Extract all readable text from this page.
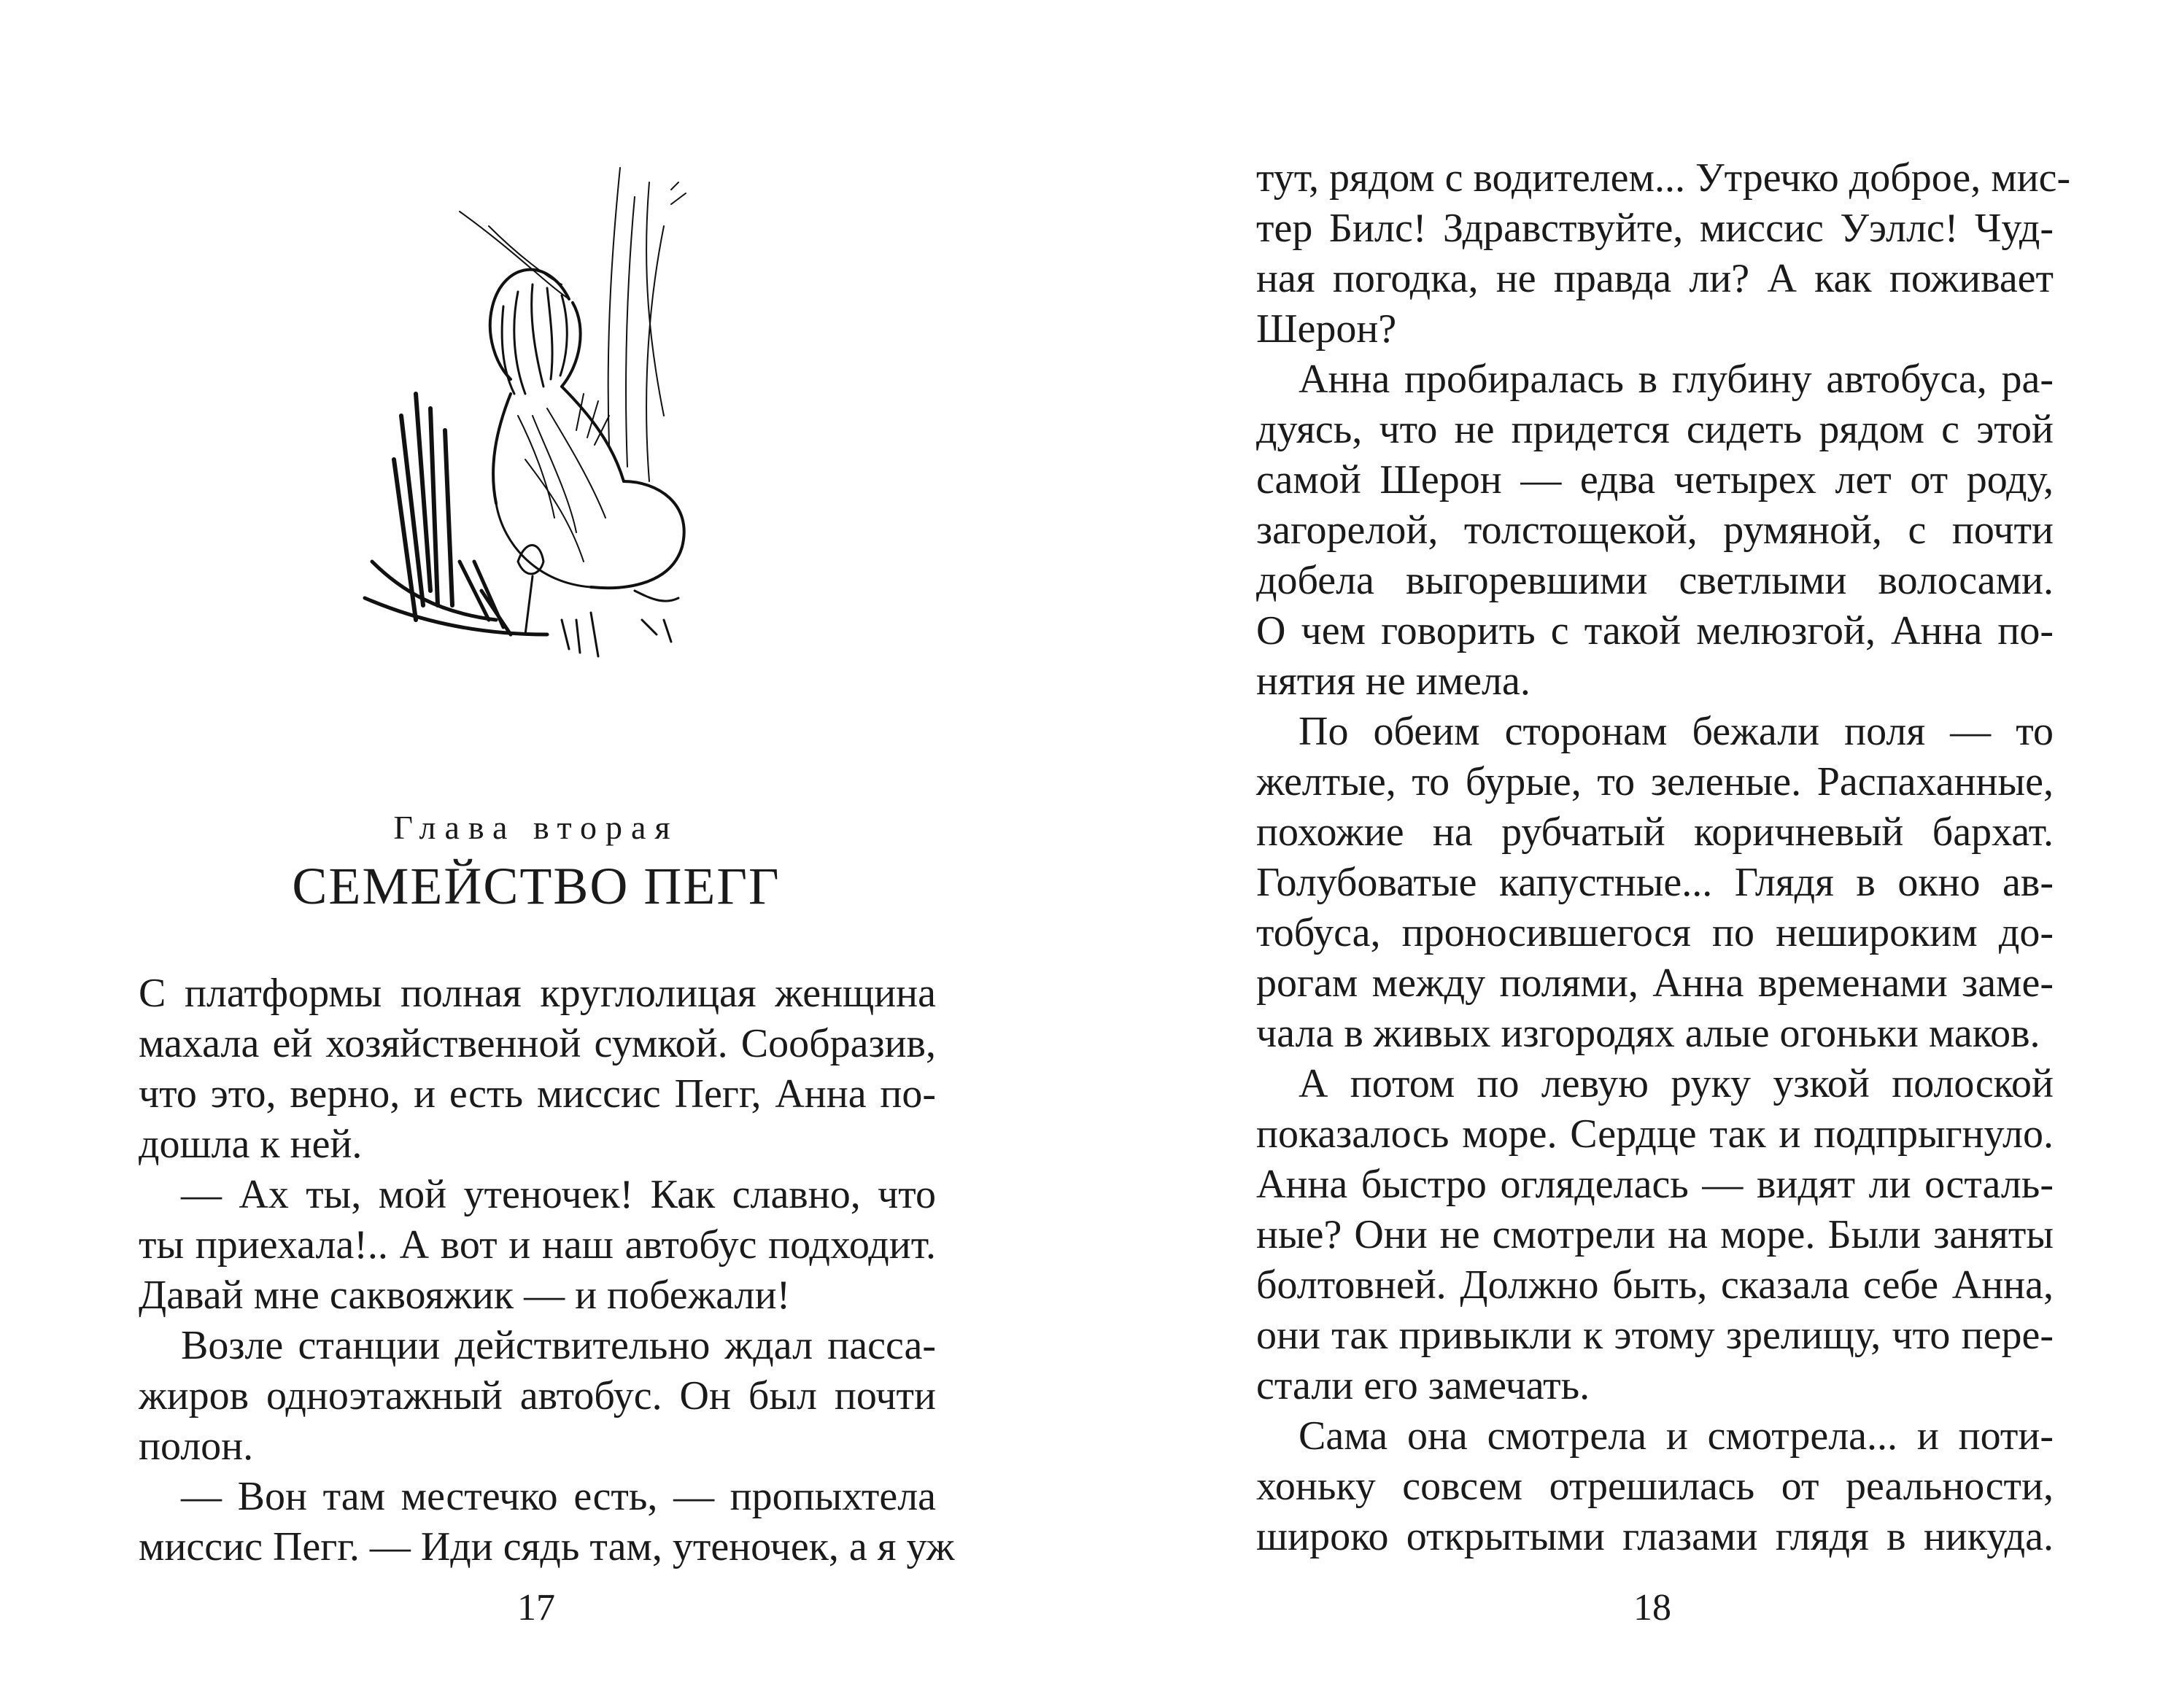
Глава вторая
СЕМЕЙСТВО ПЕГГ

С платформы полная круглолицая женщина
махала ей хозяйственной сумкой. Сообразив,
что это, верно, и есть миссис Пегг, Анна по-
дошла к ней.

— Ах ты, мой утеночек! Как славно, что
ты приехала!.. А вот и наш автобус подходит.
Давай мне саквояжик — и побежали!

Возле станции действительно ждал пасса-
жиров одноэтажный автобус. Он был почти
полон.

— Вон там местечко есть, — пропыхтела
миссис Пегг. — Иди сядь там, утеночек, а я уж

17

тут, рядом с водителем... Утречко доброе, мис-
тер Билс! Здравствуйте, миссис Уэллс! Чуд-
ная погодка, не правда ли? А как поживает
Шерон?

Анна пробиралась в глубину автобуса, ра-
дуясь, что не придется сидеть рядом с этой
самой Шерон — едва четырех лет от роду,
загорелой, толстощекой, румяной, с почти
добела выгоревшими светлыми волосами.
О чем говорить с такой мелюзгой, Анна по-
нятия не имела.

По обеим сторонам бежали поля — то
желтые, то бурые, то зеленые. Распаханные,
похожие на рубчатый коричневый бархат.
Голубоватые капустные... Глядя в окно ав-
тобуса, проносившегося по нешироким до-
рогам между полями, Анна временами заме-
чала в живых изгородях алые огоньки маков.

А потом по левую руку узкой полоской
показалось море. Сердце так и подпрыгнуло.
Анна быстро огляделась — видят ли осталь-
ные? Они не смотрели на море. Были заняты
болтовней. Должно быть, сказала себе Анна,
они так привыкли к этому зрелищу, что пере-
стали его замечать.

Сама она смотрела и смотрела... и поти-
хоньку совсем отрешилась от реальности,
широко открытыми глазами глядя в никуда.

18
